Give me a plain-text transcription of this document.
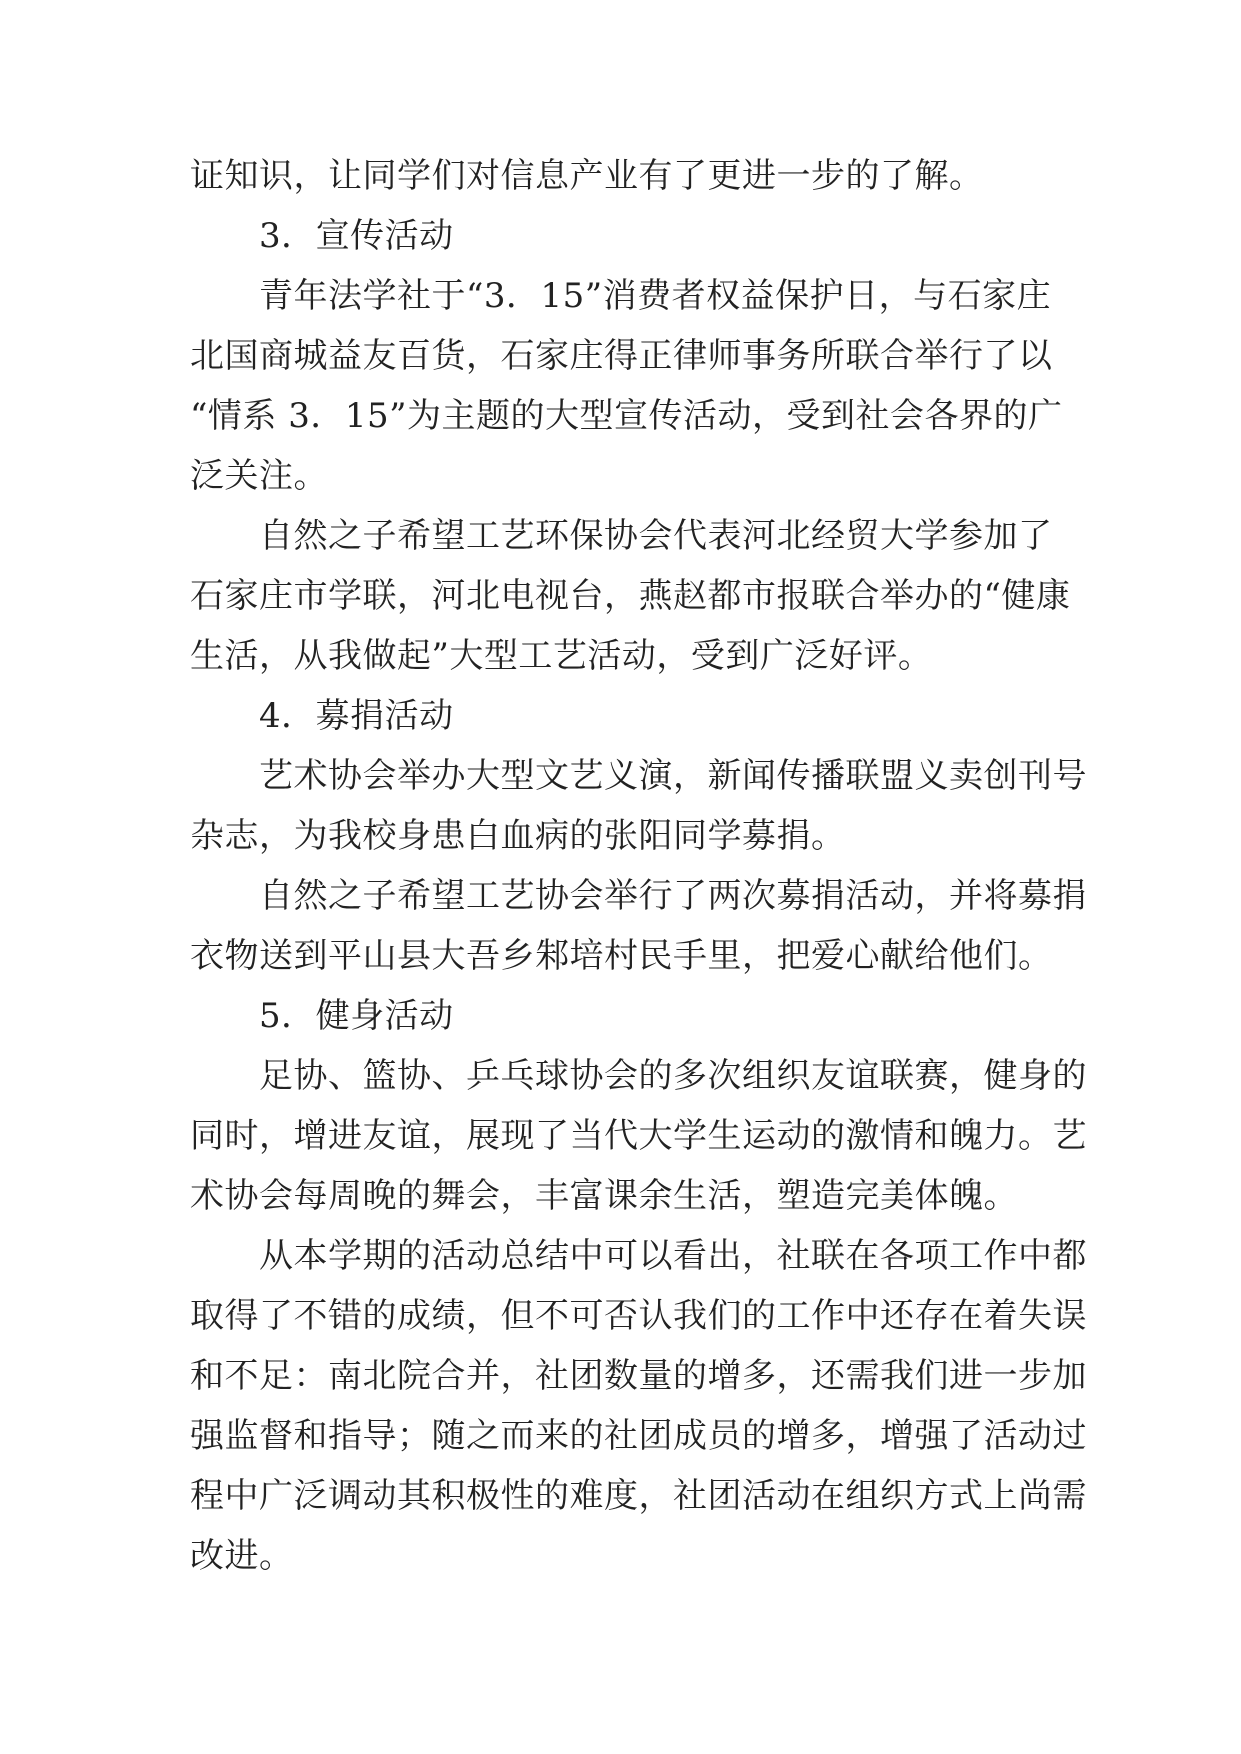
证知识，让同学们对信息产业有了更进一步的了解。
　　3．宣传活动
　　青年法学社于“3．15”消费者权益保护日，与石家庄
北国商城益友百货，石家庄得正律师事务所联合举行了以
“情系 3．15”为主题的大型宣传活动，受到社会各界的广
泛关注。
　　自然之子希望工艺环保协会代表河北经贸大学参加了
石家庄市学联，河北电视台，燕赵都市报联合举办的“健康
生活，从我做起”大型工艺活动，受到广泛好评。
　　4．募捐活动
　　艺术协会举办大型文艺义演，新闻传播联盟义卖创刊号
杂志，为我校身患白血病的张阳同学募捐。
　　自然之子希望工艺协会举行了两次募捐活动，并将募捐
衣物送到平山县大吾乡邾培村民手里，把爱心献给他们。
　　5．健身活动
　　足协、篮协、乒乓球协会的多次组织友谊联赛，健身的
同时，增进友谊，展现了当代大学生运动的激情和魄力。艺
术协会每周晚的舞会，丰富课余生活，塑造完美体魄。
　　从本学期的活动总结中可以看出，社联在各项工作中都
取得了不错的成绩，但不可否认我们的工作中还存在着失误
和不足：南北院合并，社团数量的增多，还需我们进一步加
强监督和指导；随之而来的社团成员的增多，增强了活动过
程中广泛调动其积极性的难度，社团活动在组织方式上尚需
改进。
